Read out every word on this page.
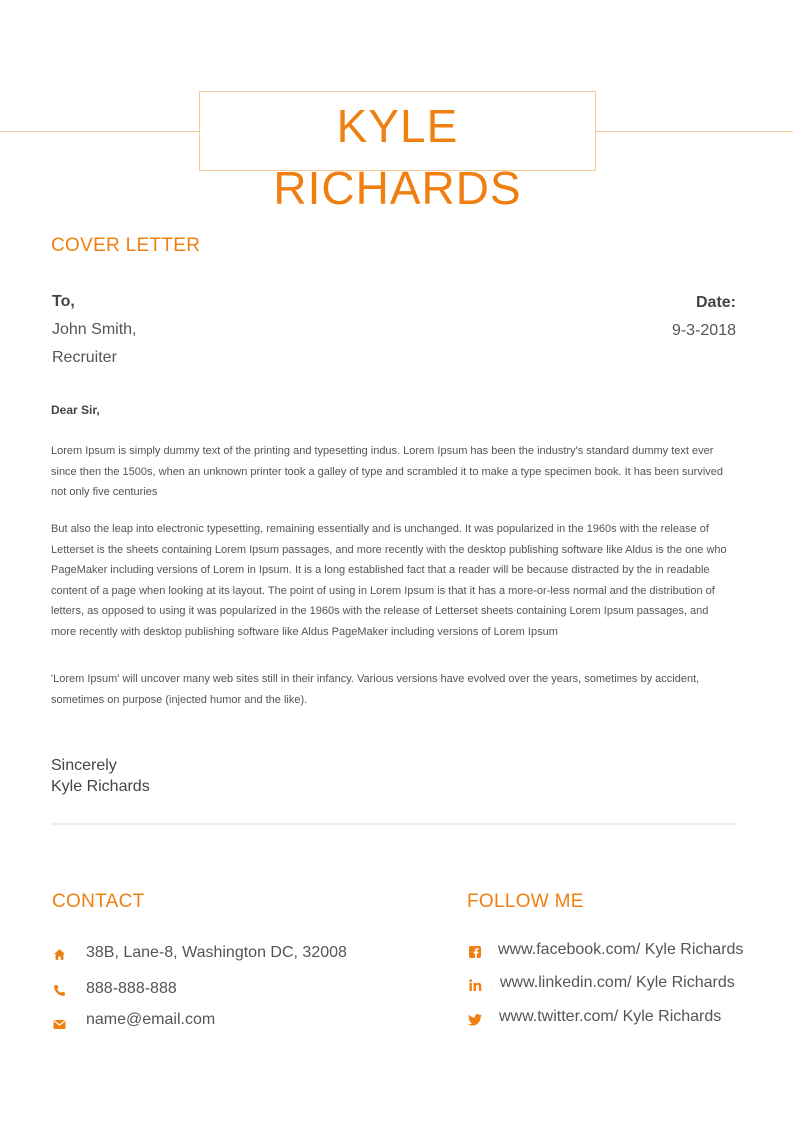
KYLE
RICHARDS
COVER LETTER
To,
John Smith,
Recruiter
Date:
9-3-2018
Dear Sir,
Lorem Ipsum is simply dummy text of the printing and typesetting indus. Lorem Ipsum has been the industry's standard dummy text ever since then the 1500s, when an unknown printer took a galley of type and scrambled it to make a type specimen book. It has been survived not only five centuries
But also the leap into electronic typesetting, remaining essentially and is unchanged. It was popularized in the 1960s with the release of Letterset is the sheets containing Lorem Ipsum passages, and more recently with the desktop publishing software like Aldus is the one who PageMaker including versions of Lorem in Ipsum. It is a long established fact that a reader will be because distracted by the in readable content of a page when looking at its layout. The point of using in Lorem Ipsum is that it has a more-or-less normal and the distribution of letters, as opposed to using it was popularized in the 1960s with the release of Letterset sheets containing Lorem Ipsum passages, and more recently with desktop publishing software like Aldus PageMaker including versions of Lorem Ipsum
'Lorem Ipsum' will uncover many web sites still in their infancy. Various versions have evolved over the years, sometimes by accident, sometimes on purpose (injected humor and the like).
Sincerely
Kyle Richards
CONTACT
38B, Lane-8, Washington DC, 32008
888-888-888
name@email.com
FOLLOW ME
www.facebook.com/ Kyle Richards
www.linkedin.com/ Kyle Richards
www.twitter.com/ Kyle Richards
